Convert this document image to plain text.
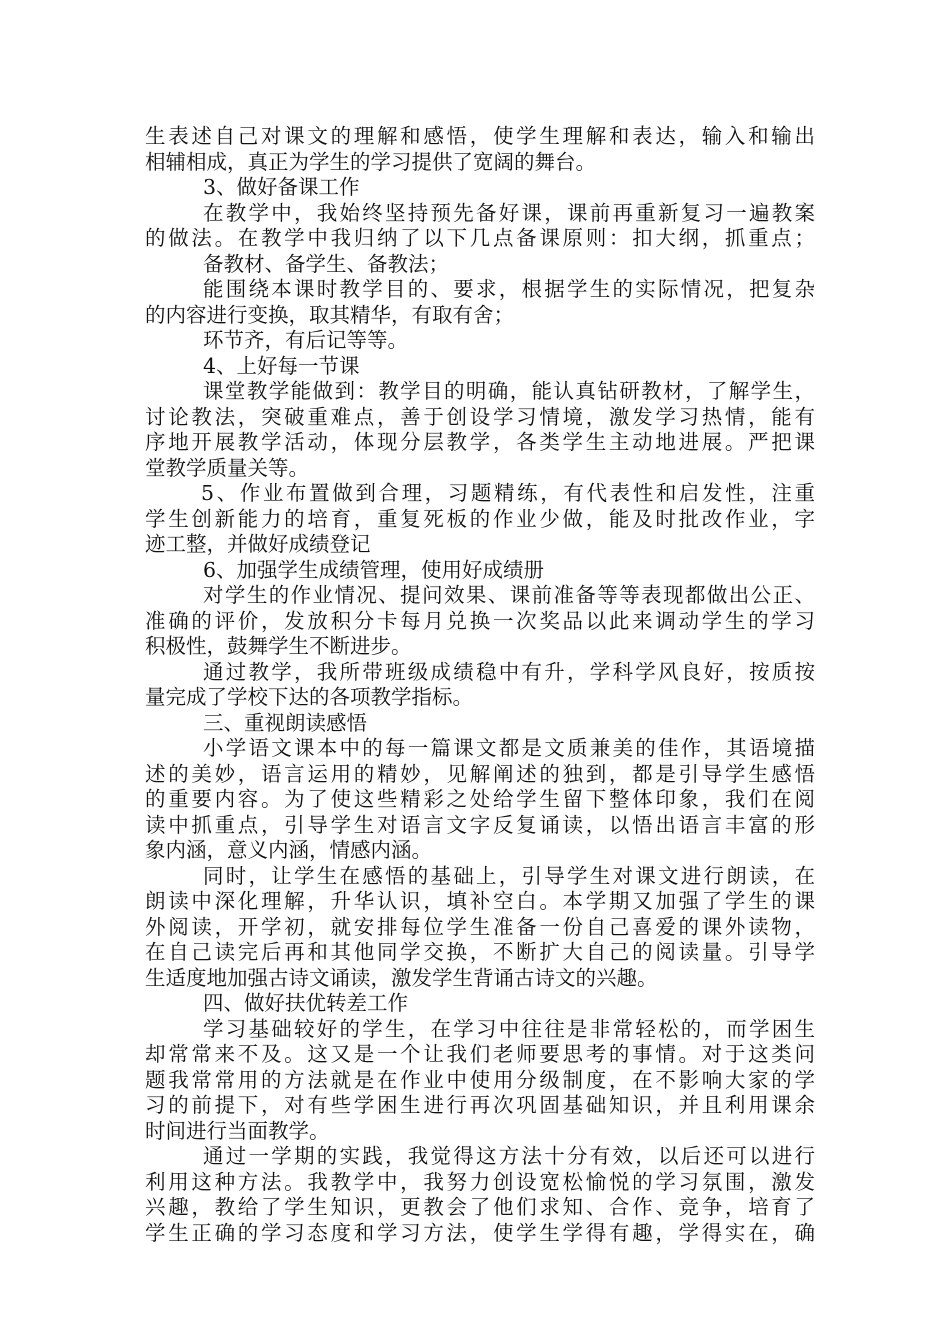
生表述自己对课文的理解和感悟，使学生理解和表达，输入和输出
相辅相成，真正为学生的学习提供了宽阔的舞台。
3、做好备课工作
在教学中，我始终坚持预先备好课，课前再重新复习一遍教案
的做法。在教学中我归纳了以下几点备课原则：扣大纲，抓重点；
备教材、备学生、备教法；
能围绕本课时教学目的、要求，根据学生的实际情况，把复杂
的内容进行变换，取其精华，有取有舍；
环节齐，有后记等等。
4、上好每一节课
课堂教学能做到：教学目的明确，能认真钻研教材，了解学生，
讨论教法，突破重难点，善于创设学习情境，激发学习热情，能有
序地开展教学活动，体现分层教学，各类学生主动地进展。严把课
堂教学质量关等。
5、作业布置做到合理，习题精练，有代表性和启发性，注重
学生创新能力的培育，重复死板的作业少做，能及时批改作业，字
迹工整，并做好成绩登记
6、加强学生成绩管理，使用好成绩册
对学生的作业情况、提问效果、课前准备等等表现都做出公正、
准确的评价，发放积分卡每月兑换一次奖品以此来调动学生的学习
积极性，鼓舞学生不断进步。
通过教学，我所带班级成绩稳中有升，学科学风良好，按质按
量完成了学校下达的各项教学指标。
三、重视朗读感悟
小学语文课本中的每一篇课文都是文质兼美的佳作，其语境描
述的美妙，语言运用的精妙，见解阐述的独到，都是引导学生感悟
的重要内容。为了使这些精彩之处给学生留下整体印象，我们在阅
读中抓重点，引导学生对语言文字反复诵读，以悟出语言丰富的形
象内涵，意义内涵，情感内涵。
同时，让学生在感悟的基础上，引导学生对课文进行朗读，在
朗读中深化理解，升华认识，填补空白。本学期又加强了学生的课
外阅读，开学初，就安排每位学生准备一份自己喜爱的课外读物，
在自己读完后再和其他同学交换，不断扩大自己的阅读量。引导学
生适度地加强古诗文诵读，激发学生背诵古诗文的兴趣。
四、做好扶优转差工作
学习基础较好的学生，在学习中往往是非常轻松的，而学困生
却常常来不及。这又是一个让我们老师要思考的事情。对于这类问
题我常常用的方法就是在作业中使用分级制度，在不影响大家的学
习的前提下，对有些学困生进行再次巩固基础知识，并且利用课余
时间进行当面教学。
通过一学期的实践，我觉得这方法十分有效，以后还可以进行
利用这种方法。我教学中，我努力创设宽松愉悦的学习氛围，激发
兴趣，教给了学生知识，更教会了他们求知、合作、竞争，培育了
学生正确的学习态度和学习方法，使学生学得有趣，学得实在，确
